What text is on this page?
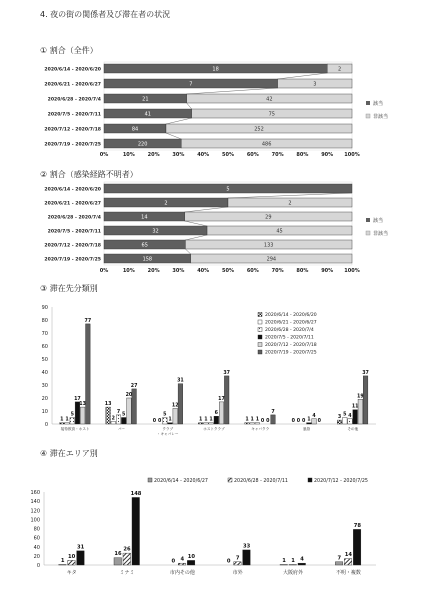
4. 夜の街の関係者及び滞在者の状況
① 割合（全件）
② 割合（感染経路不明者）
③ 滞在先分類別
④ 滞在エリア別
2020/6/14 - 2020/6/20	18	2
2020/6/21 - 2020/6/27	7	3
2020/6/28 - 2020/7/4	21	42
2020/7/5 - 2020/7/11	41	75
2020/7/12 - 2020/7/18	84	252
2020/7/19 - 2020/7/25	220	486
0%	10%	20%	30%	40%	50%	60%	70%	80%	90% 100%
該当
非該当
2020/6/14 - 2020/6/20	5
2020/6/21 - 2020/6/27	2	2
2020/6/28 - 2020/7/4	14	29
2020/7/5 - 2020/7/11	32	45
2020/7/12 - 2020/7/18	65	133
2020/7/19 - 2020/7/25	158	294
0%	10%	20%	30%	40%	50%	60%	70%	80%	90% 100%
該当
非該当
0
10
20
30
40
50
60
70
80
90
1 1
5
17
13
77
接待飲食・ホスト
13
2
7
5
20
27
バー
0 0
5
1
12
31
クラブ
・キャバレー
1 1 1
6
17
37
ホストクラブ
1 1 1 0 0
7
キャバクラ
0 0 0 1
4
0
風俗
3
5 4
11
19
37
その他
2020/6/14 - 2020/6/20
2020/6/21 - 2020/6/27
2020/6/28 - 2020/7/4
2020/7/5 - 2020/7/11
2020/7/12 - 2020/7/18
2020/7/19 - 2020/7/25
0
20
40
60
80
100
120
140
160
1
10
31
キタ
16
26
148
ミナミ
0 4 10
市内その他
0
7
33
市外
1 1 4
大阪府外
7
14
78
不明・複数
2020/6/14 - 2020/6/27	2020/6/28 - 2020/7/11	2020/7/12 - 2020/7/25
